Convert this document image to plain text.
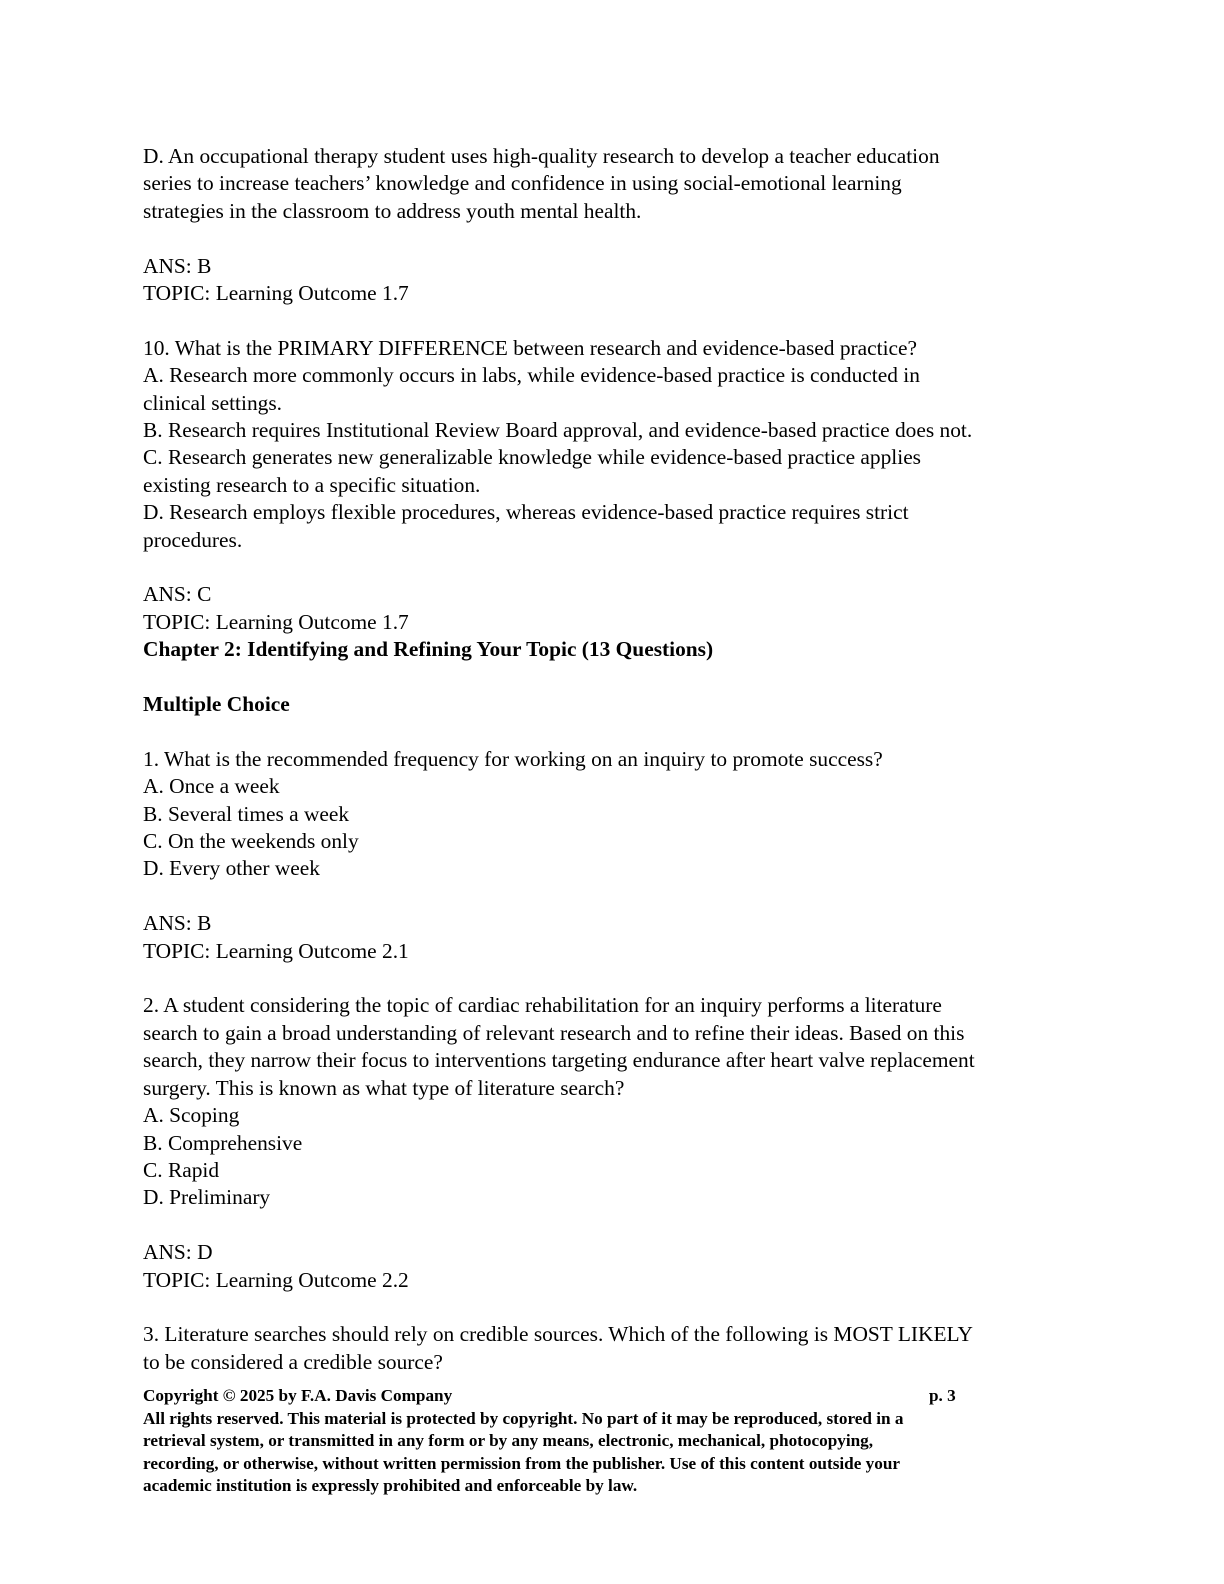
D. An occupational therapy student uses high-quality research to develop a teacher education
series to increase teachers’ knowledge and confidence in using social-emotional learning
strategies in the classroom to address youth mental health.
ANS: B
TOPIC: Learning Outcome 1.7
10. What is the PRIMARY DIFFERENCE between research and evidence-based practice?
A. Research more commonly occurs in labs, while evidence-based practice is conducted in
clinical settings.
B. Research requires Institutional Review Board approval, and evidence-based practice does not.
C. Research generates new generalizable knowledge while evidence-based practice applies
existing research to a specific situation.
D. Research employs flexible procedures, whereas evidence-based practice requires strict
procedures.
ANS: C
TOPIC: Learning Outcome 1.7
Chapter 2: Identifying and Refining Your Topic (13 Questions)
Multiple Choice
1. What is the recommended frequency for working on an inquiry to promote success?
A. Once a week
B. Several times a week
C. On the weekends only
D. Every other week
ANS: B
TOPIC: Learning Outcome 2.1
2. A student considering the topic of cardiac rehabilitation for an inquiry performs a literature
search to gain a broad understanding of relevant research and to refine their ideas. Based on this
search, they narrow their focus to interventions targeting endurance after heart valve replacement
surgery. This is known as what type of literature search?
A. Scoping
B. Comprehensive
C. Rapid
D. Preliminary
ANS: D
TOPIC: Learning Outcome 2.2
3. Literature searches should rely on credible sources. Which of the following is MOST LIKELY
to be considered a credible source?
Copyright © 2025 by F.A. Davis Company	p. 3
All rights reserved. This material is protected by copyright. No part of it may be reproduced, stored in a
retrieval system, or transmitted in any form or by any means, electronic, mechanical, photocopying,
recording, or otherwise, without written permission from the publisher. Use of this content outside your
academic institution is expressly prohibited and enforceable by law.
